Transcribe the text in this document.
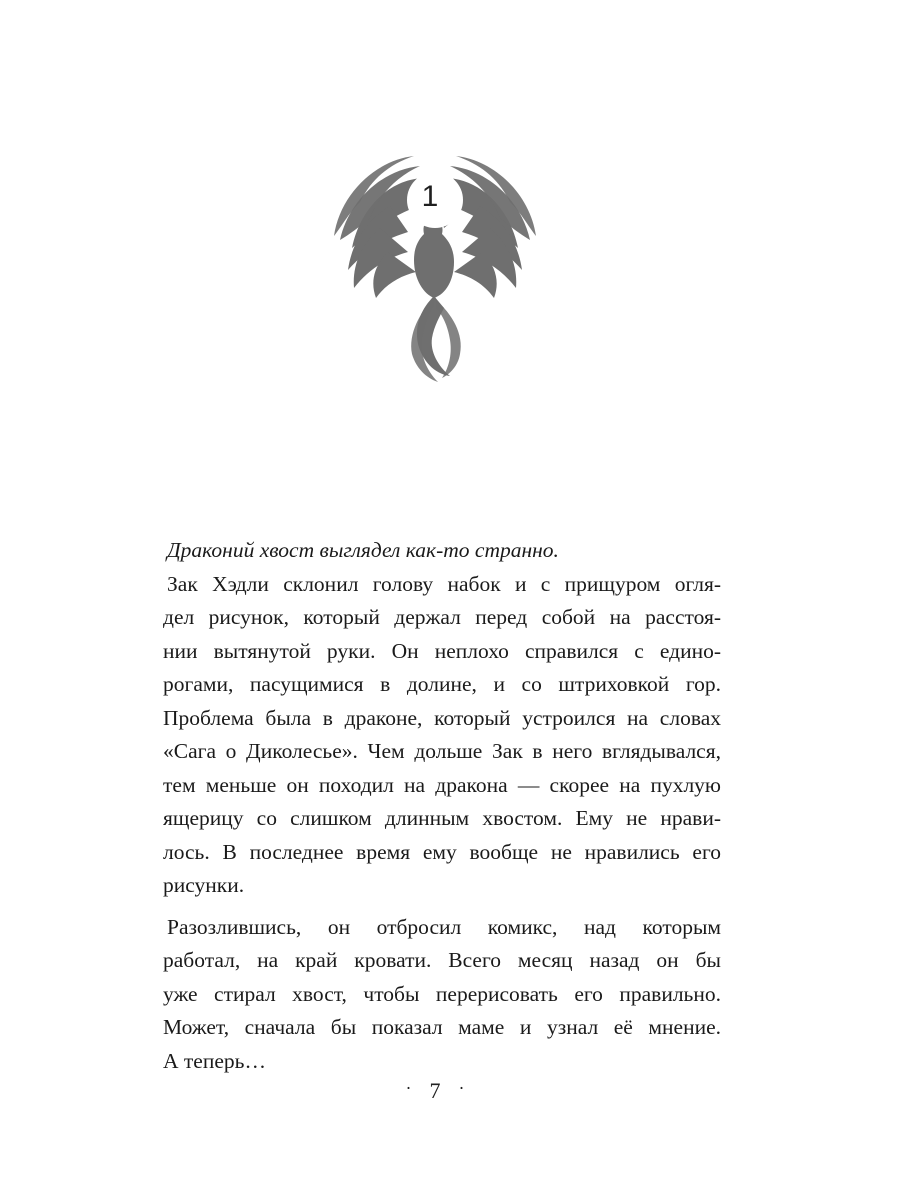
1

Драконий хвост выглядел как-то странно.

Зак Хэдли склонил голову набок и с прищуром огля-
дел рисунок, который держал перед собой на расстоя-
нии вытянутой руки. Он неплохо справился с едино-
рогами, пасущимися в долине, и со штриховкой гор.
Проблема была в драконе, который устроился на словах
«Сага о Диколесье». Чем дольше Зак в него вглядывался,
тем меньше он походил на дракона — скорее на пухлую
ящерицу со слишком длинным хвостом. Ему не нрави-
лось. В последнее время ему вообще не нравились его
рисунки.
Разозлившись, он отбросил комикс, над которым
работал, на край кровати. Всего месяц назад он бы
уже стирал хвост, чтобы перерисовать его правильно.
Может, сначала бы показал маме и узнал её мнение.
А теперь…
· 7 ·
